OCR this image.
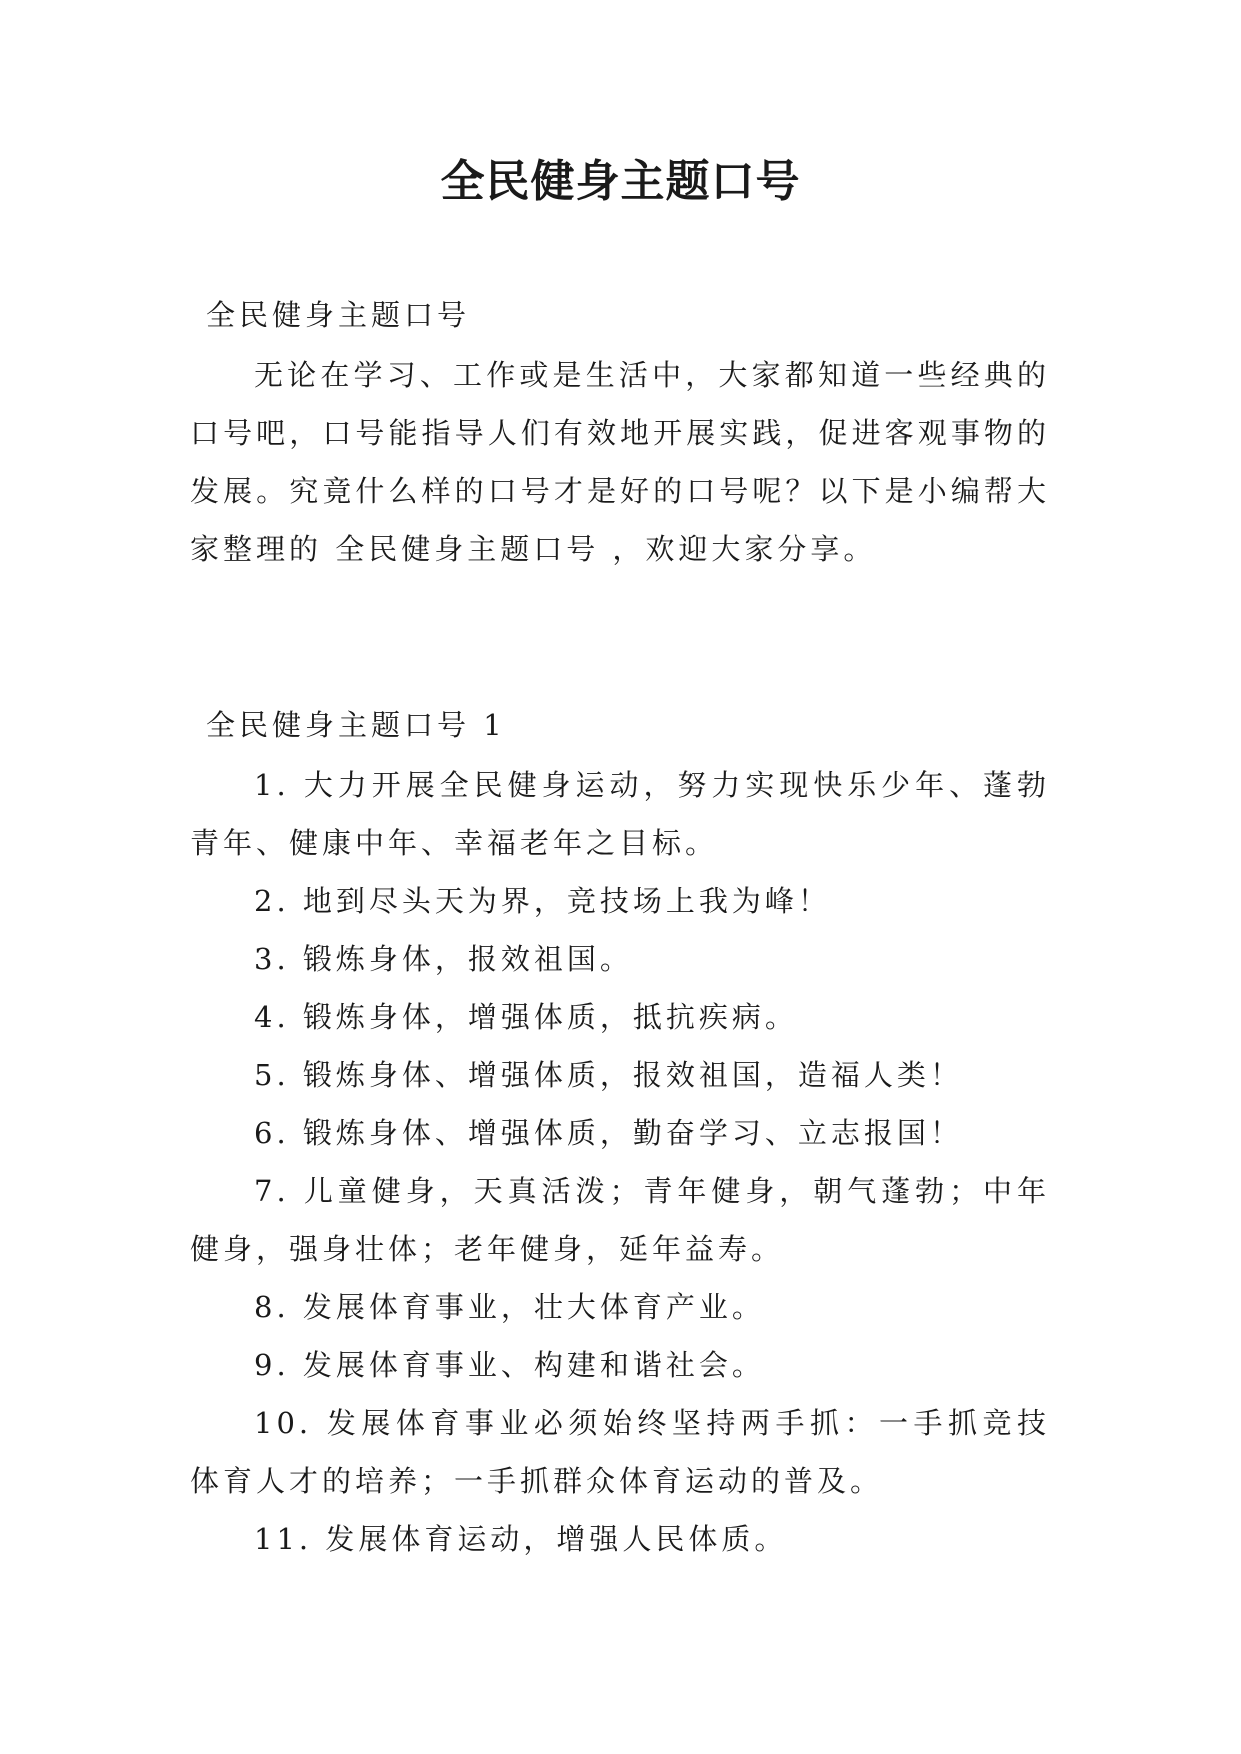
全民健身主题口号
全民健身主题口号

无论在学习、工作或是生活中，大家都知道一些经典的口号吧，口号能指导人们有效地开展实践，促进客观事物的发展。究竟什么样的口号才是好的口号呢？以下是小编帮大家整理的 全民健身主题口号 ，欢迎大家分享。

全民健身主题口号 1

1. 大力开展全民健身运动，努力实现快乐少年、蓬勃青年、健康中年、幸福老年之目标。

2. 地到尽头天为界，竞技场上我为峰！

3. 锻炼身体，报效祖国。

4. 锻炼身体，增强体质，抵抗疾病。

5. 锻炼身体、增强体质，报效祖国，造福人类！

6. 锻炼身体、增强体质，勤奋学习、立志报国！

7. 儿童健身，天真活泼；青年健身，朝气蓬勃；中年健身，强身壮体；老年健身，延年益寿。

8. 发展体育事业，壮大体育产业。

9. 发展体育事业、构建和谐社会。

10. 发展体育事业必须始终坚持两手抓：一手抓竞技体育人才的培养；一手抓群众体育运动的普及。

11. 发展体育运动，增强人民体质。
